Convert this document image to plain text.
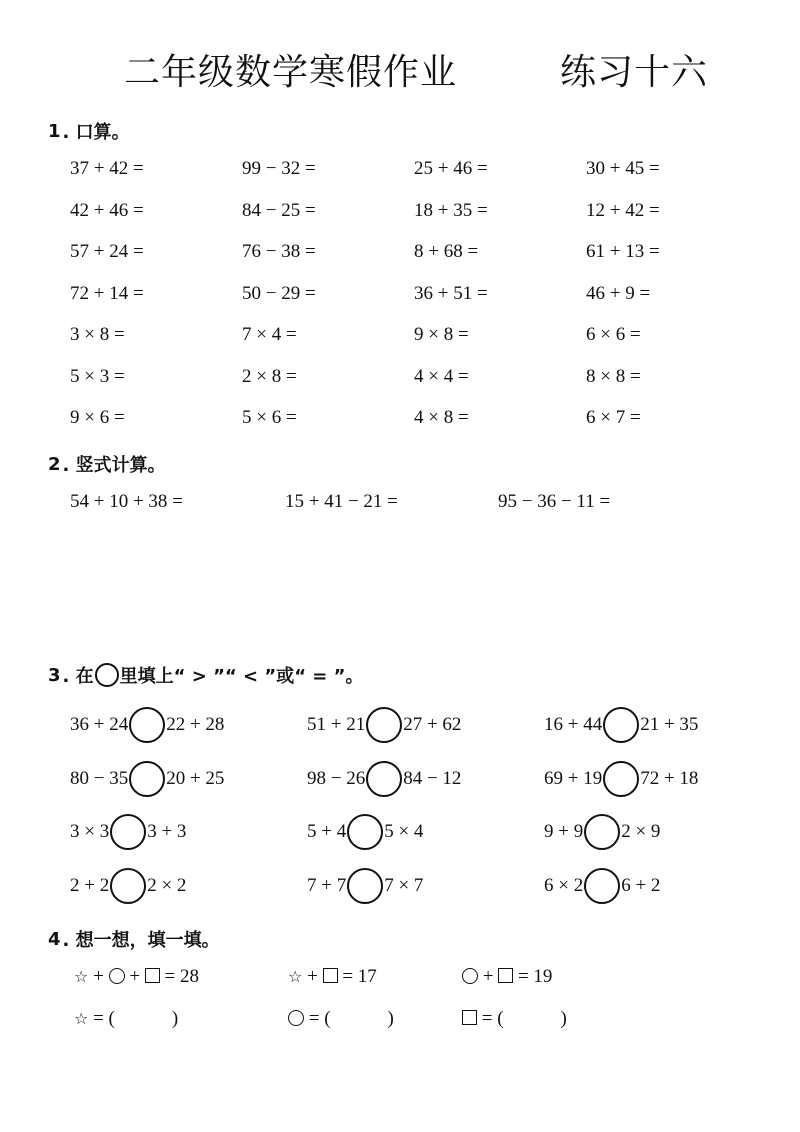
二年级数学寒假作业	练习十六
1 . 口算。
37 + 42 =	99 − 32 =	25 + 46 =	30 + 45 =
42 + 46 =	84 − 25 =	18 + 35 =	12 + 42 =
57 + 24 =	76 − 38 =	8 + 68 =	61 + 13 =
72 + 14 =	50 − 29 =	36 + 51 =	46 + 9 =
3 × 8 =	7 × 4 =	9 × 8 =	6 × 6 =
5 × 3 =	2 × 8 =	4 × 4 =	8 × 8 =
9 × 6 =	5 × 6 =	4 × 8 =	6 × 7 =
2 . 竖式计算。
54 + 10 + 38 =	15 + 41 − 21 =	95 − 36 − 11 =
3 . 在 里填上“ > ”“ < ”或“ = ”。
36 + 24 22 + 28	51 + 21 27 + 62	16 + 44 21 + 35
80 − 35 20 + 25	98 − 26 84 − 12	69 + 19 72 + 18
3 × 3 3 + 3	5 + 4 5 × 4	9 + 9 2 × 9
2 + 2 2 × 2	7 + 7 7 × 7	6 × 2 6 + 2
4 . 想一想，填一填。
☆ +  +  = 28	☆ +  = 17	+  = 19
☆ = (　　　)	= (　　　)	= (　　　)
